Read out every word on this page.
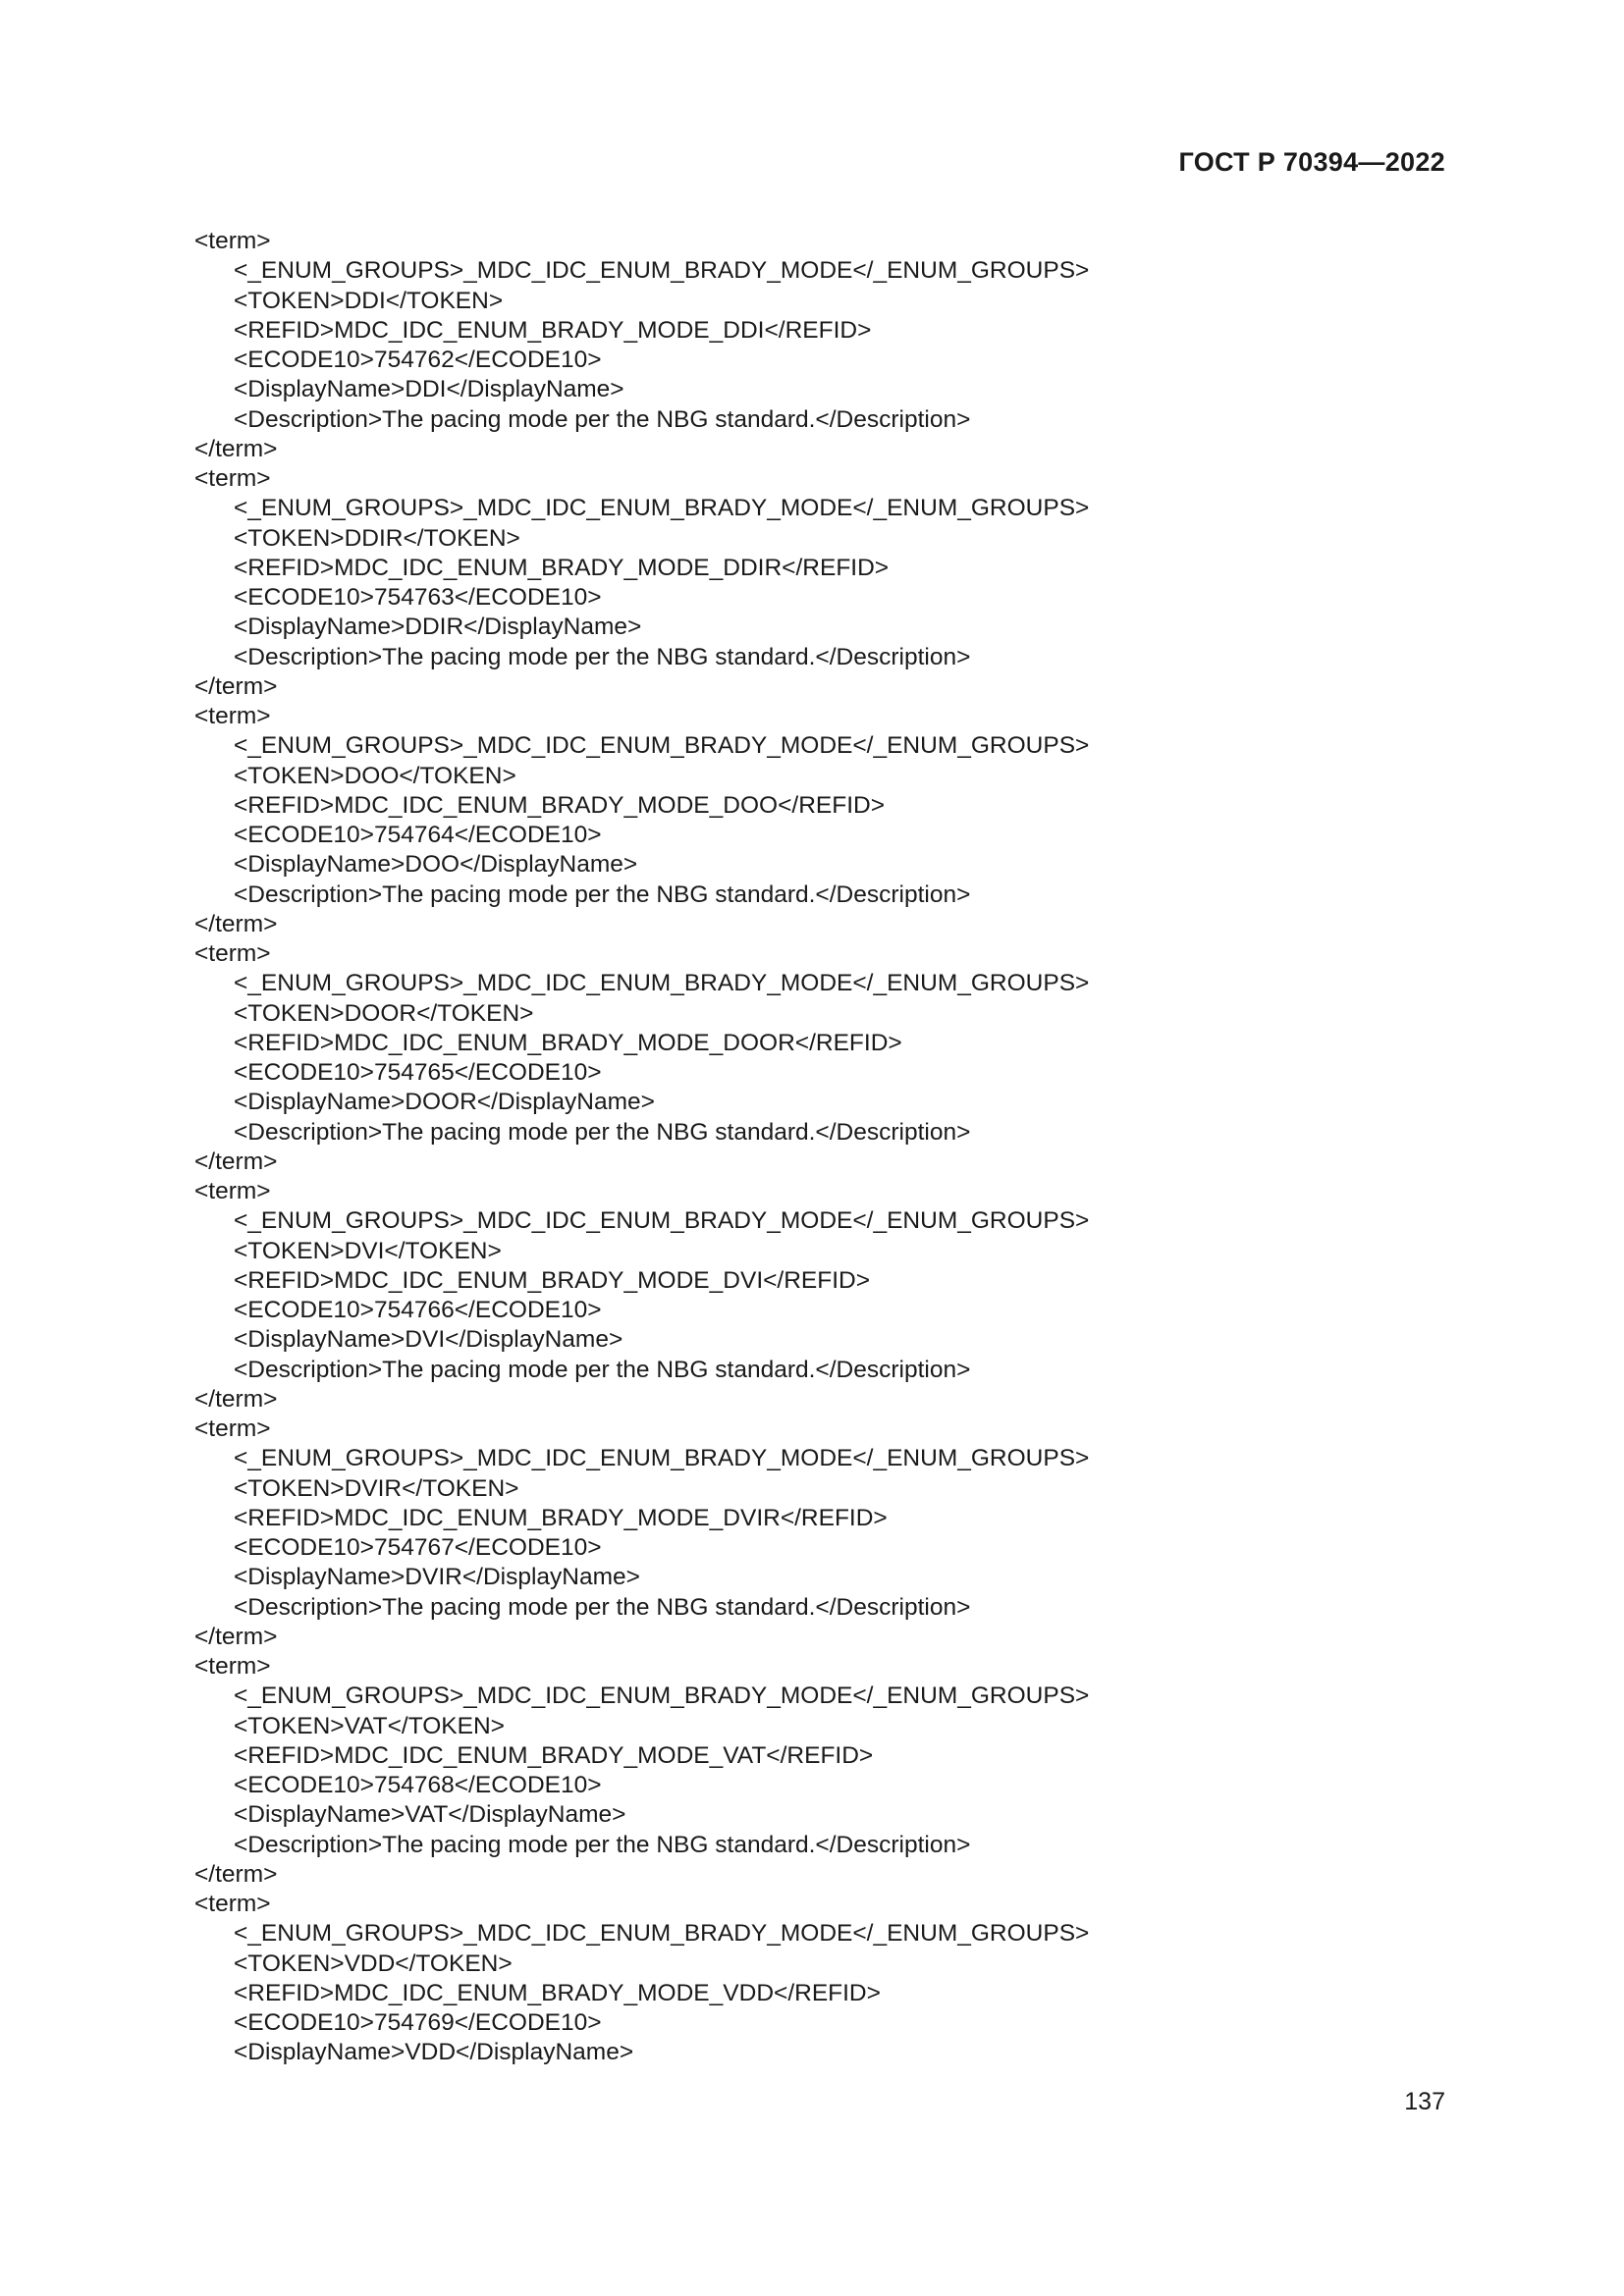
ГОСТ Р 70394—2022
<term>
<_ENUM_GROUPS>_MDC_IDC_ENUM_BRADY_MODE</_ENUM_GROUPS>
<TOKEN>DDI</TOKEN>
<REFID>MDC_IDC_ENUM_BRADY_MODE_DDI</REFID>
<ECODE10>754762</ECODE10>
<DisplayName>DDI</DisplayName>
<Description>The pacing mode per the NBG standard.</Description>
</term>
<term>
<_ENUM_GROUPS>_MDC_IDC_ENUM_BRADY_MODE</_ENUM_GROUPS>
<TOKEN>DDIR</TOKEN>
<REFID>MDC_IDC_ENUM_BRADY_MODE_DDIR</REFID>
<ECODE10>754763</ECODE10>
<DisplayName>DDIR</DisplayName>
<Description>The pacing mode per the NBG standard.</Description>
</term>
<term>
<_ENUM_GROUPS>_MDC_IDC_ENUM_BRADY_MODE</_ENUM_GROUPS>
<TOKEN>DOO</TOKEN>
<REFID>MDC_IDC_ENUM_BRADY_MODE_DOO</REFID>
<ECODE10>754764</ECODE10>
<DisplayName>DOO</DisplayName>
<Description>The pacing mode per the NBG standard.</Description>
</term>
<term>
<_ENUM_GROUPS>_MDC_IDC_ENUM_BRADY_MODE</_ENUM_GROUPS>
<TOKEN>DOOR</TOKEN>
<REFID>MDC_IDC_ENUM_BRADY_MODE_DOOR</REFID>
<ECODE10>754765</ECODE10>
<DisplayName>DOOR</DisplayName>
<Description>The pacing mode per the NBG standard.</Description>
</term>
<term>
<_ENUM_GROUPS>_MDC_IDC_ENUM_BRADY_MODE</_ENUM_GROUPS>
<TOKEN>DVI</TOKEN>
<REFID>MDC_IDC_ENUM_BRADY_MODE_DVI</REFID>
<ECODE10>754766</ECODE10>
<DisplayName>DVI</DisplayName>
<Description>The pacing mode per the NBG standard.</Description>
</term>
<term>
<_ENUM_GROUPS>_MDC_IDC_ENUM_BRADY_MODE</_ENUM_GROUPS>
<TOKEN>DVIR</TOKEN>
<REFID>MDC_IDC_ENUM_BRADY_MODE_DVIR</REFID>
<ECODE10>754767</ECODE10>
<DisplayName>DVIR</DisplayName>
<Description>The pacing mode per the NBG standard.</Description>
</term>
<term>
<_ENUM_GROUPS>_MDC_IDC_ENUM_BRADY_MODE</_ENUM_GROUPS>
<TOKEN>VAT</TOKEN>
<REFID>MDC_IDC_ENUM_BRADY_MODE_VAT</REFID>
<ECODE10>754768</ECODE10>
<DisplayName>VAT</DisplayName>
<Description>The pacing mode per the NBG standard.</Description>
</term>
<term>
<_ENUM_GROUPS>_MDC_IDC_ENUM_BRADY_MODE</_ENUM_GROUPS>
<TOKEN>VDD</TOKEN>
<REFID>MDC_IDC_ENUM_BRADY_MODE_VDD</REFID>
<ECODE10>754769</ECODE10>
<DisplayName>VDD</DisplayName>
137
